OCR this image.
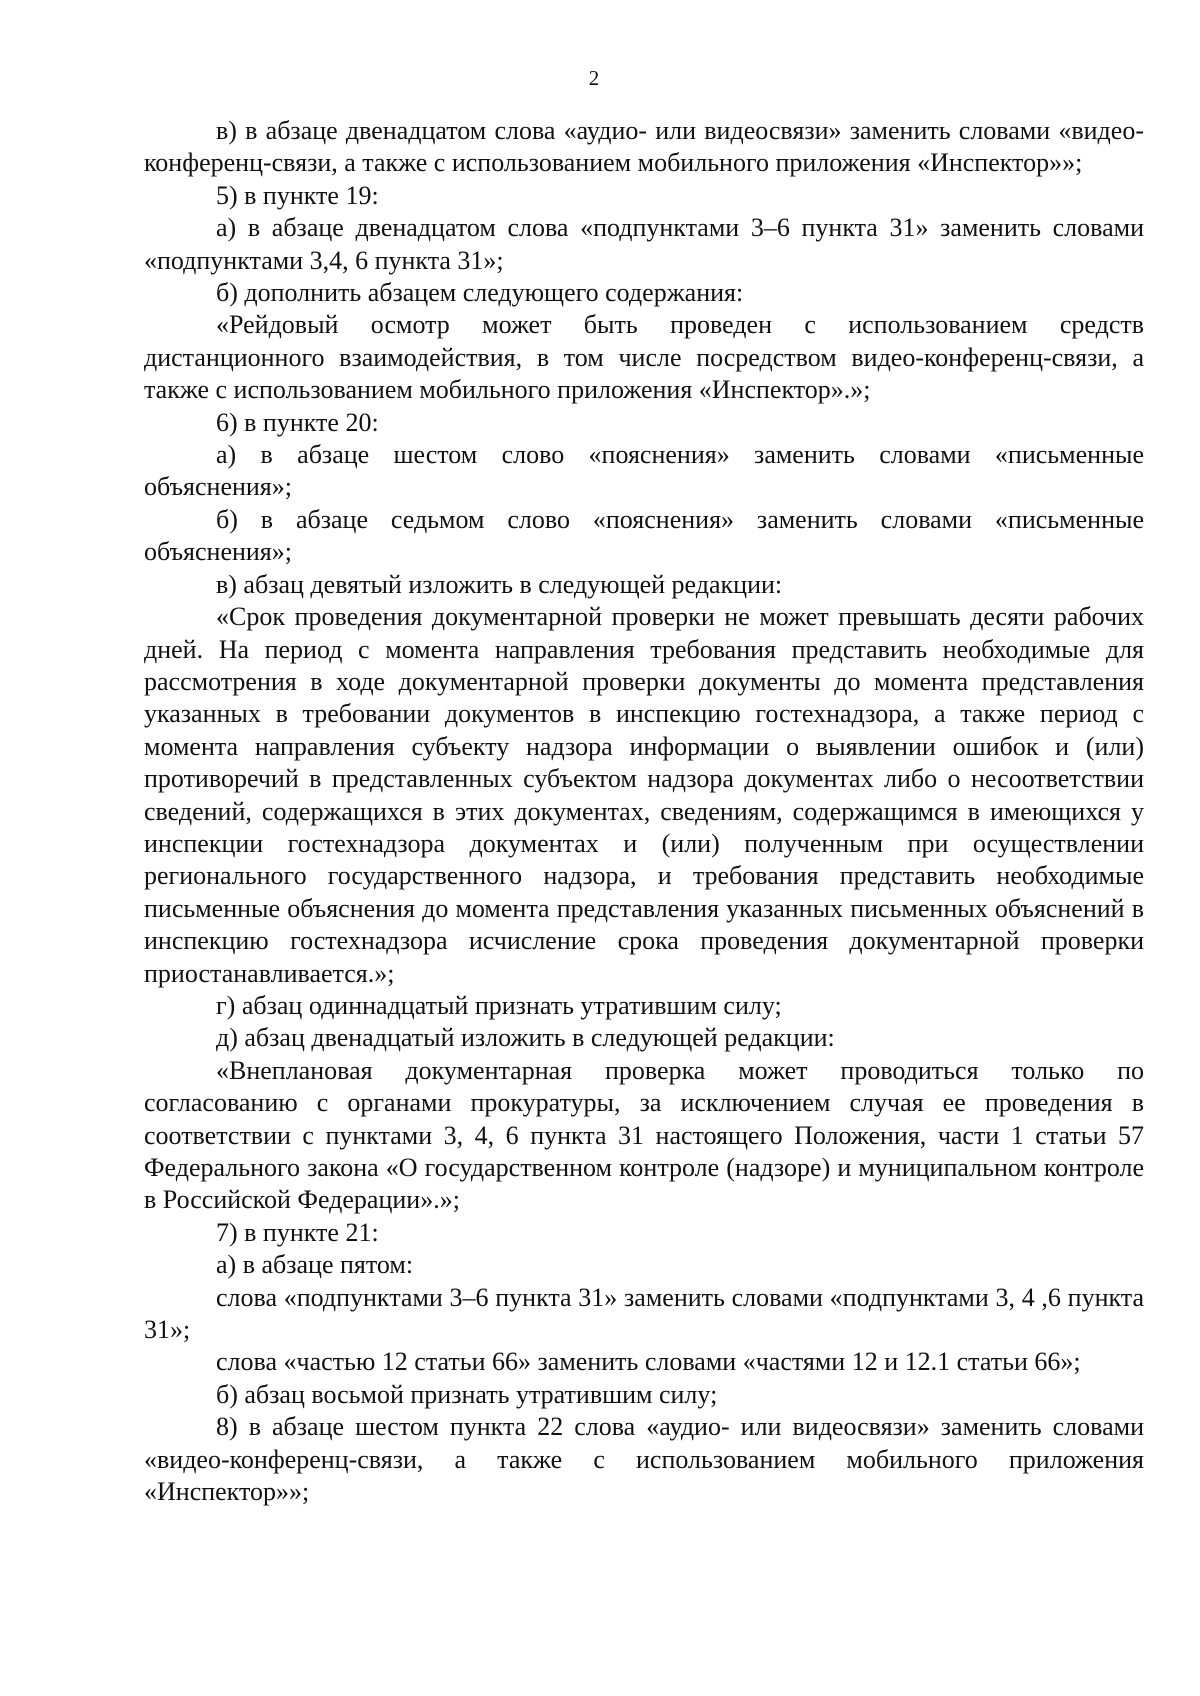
2

в) в абзаце двенадцатом слова «аудио- или видеосвязи» заменить словами «видео-конференц-связи, а также с использованием мобильного приложения «Инспектор»»;

5) в пункте 19:

а) в абзаце двенадцатом слова «подпунктами 3–6 пункта 31» заменить словами «подпунктами 3,4, 6 пункта 31»;

б) дополнить абзацем следующего содержания:

«Рейдовый осмотр может быть проведен с использованием средств дистанционного взаимодействия, в том числе посредством видео-конференц-связи, а также с использованием мобильного приложения «Инспектор».»;

6) в пункте 20:

а) в абзаце шестом слово «пояснения» заменить словами «письменные объяснения»;

б) в абзаце седьмом слово «пояснения» заменить словами «письменные объяснения»;

в) абзац девятый изложить в следующей редакции:

«Срок проведения документарной проверки не может превышать десяти рабочих дней. На период с момента направления требования представить необходимые для рассмотрения в ходе документарной проверки документы до момента представления указанных в требовании документов в инспекцию гостехнадзора, а также период с момента направления субъекту надзора информации о выявлении ошибок и (или) противоречий в представленных субъектом надзора документах либо о несоответствии сведений, содержащихся в этих документах, сведениям, содержащимся в имеющихся у инспекции гостехнадзора документах и (или) полученным при осуществлении регионального государственного надзора, и требования представить необходимые письменные объяснения до момента представления указанных письменных объяснений в инспекцию гостехнадзора исчисление срока проведения документарной проверки приостанавливается.»;

г) абзац одиннадцатый признать утратившим силу;

д) абзац двенадцатый изложить в следующей редакции:

«Внеплановая документарная проверка может проводиться только по согласованию с органами прокуратуры, за исключением случая ее проведения в соответствии с пунктами 3, 4, 6 пункта 31 настоящего Положения, части 1 статьи 57 Федерального закона «О государственном контроле (надзоре) и муниципальном контроле в Российской Федерации».»;

7) в пункте 21:

а) в абзаце пятом:

слова «подпунктами 3–6 пункта 31» заменить словами «подпунктами 3, 4 ,6 пункта 31»;

слова «частью 12 статьи 66» заменить словами «частями 12 и 12.1 статьи 66»;

б) абзац восьмой признать утратившим силу;

8) в абзаце шестом пункта 22 слова «аудио- или видеосвязи» заменить словами «видео-конференц-связи, а также с использованием мобильного приложения «Инспектор»»;
